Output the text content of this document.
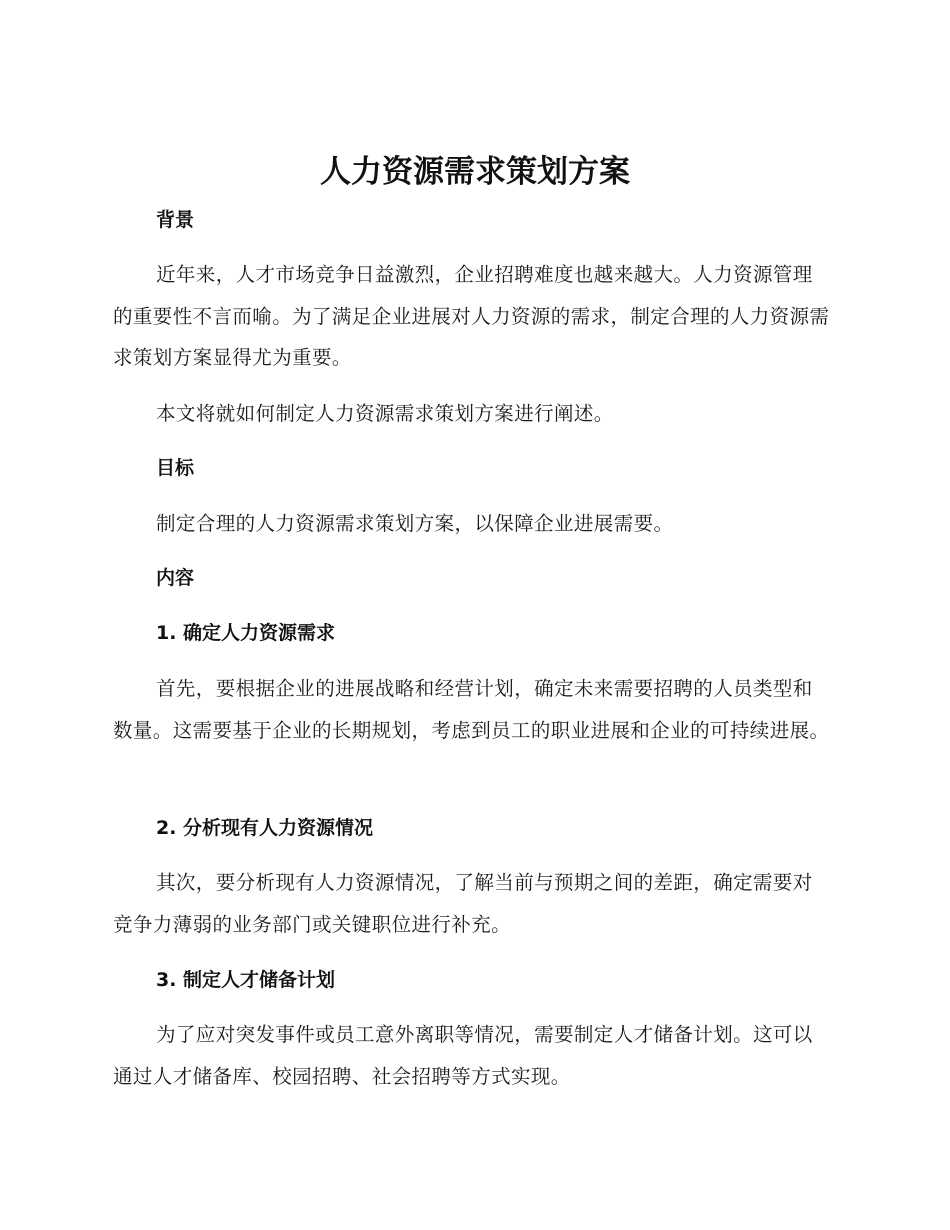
人力资源需求策划方案
背景

近年来，人才市场竞争日益激烈，企业招聘难度也越来越大。人力资源管理的重要性不言而喻。为了满足企业进展对人力资源的需求，制定合理的人力资源需求策划方案显得尤为重要。

本文将就如何制定人力资源需求策划方案进行阐述。

目标

制定合理的人力资源需求策划方案，以保障企业进展需要。

内容
1. 确定人力资源需求

首先，要根据企业的进展战略和经营计划，确定未来需要招聘的人员类型和数量。这需要基于企业的长期规划，考虑到员工的职业进展和企业的可持续进展。

2. 分析现有人力资源情况

其次，要分析现有人力资源情况，了解当前与预期之间的差距，确定需要对竞争力薄弱的业务部门或关键职位进行补充。

3. 制定人才储备计划

为了应对突发事件或员工意外离职等情况，需要制定人才储备计划。这可以通过人才储备库、校园招聘、社会招聘等方式实现。
